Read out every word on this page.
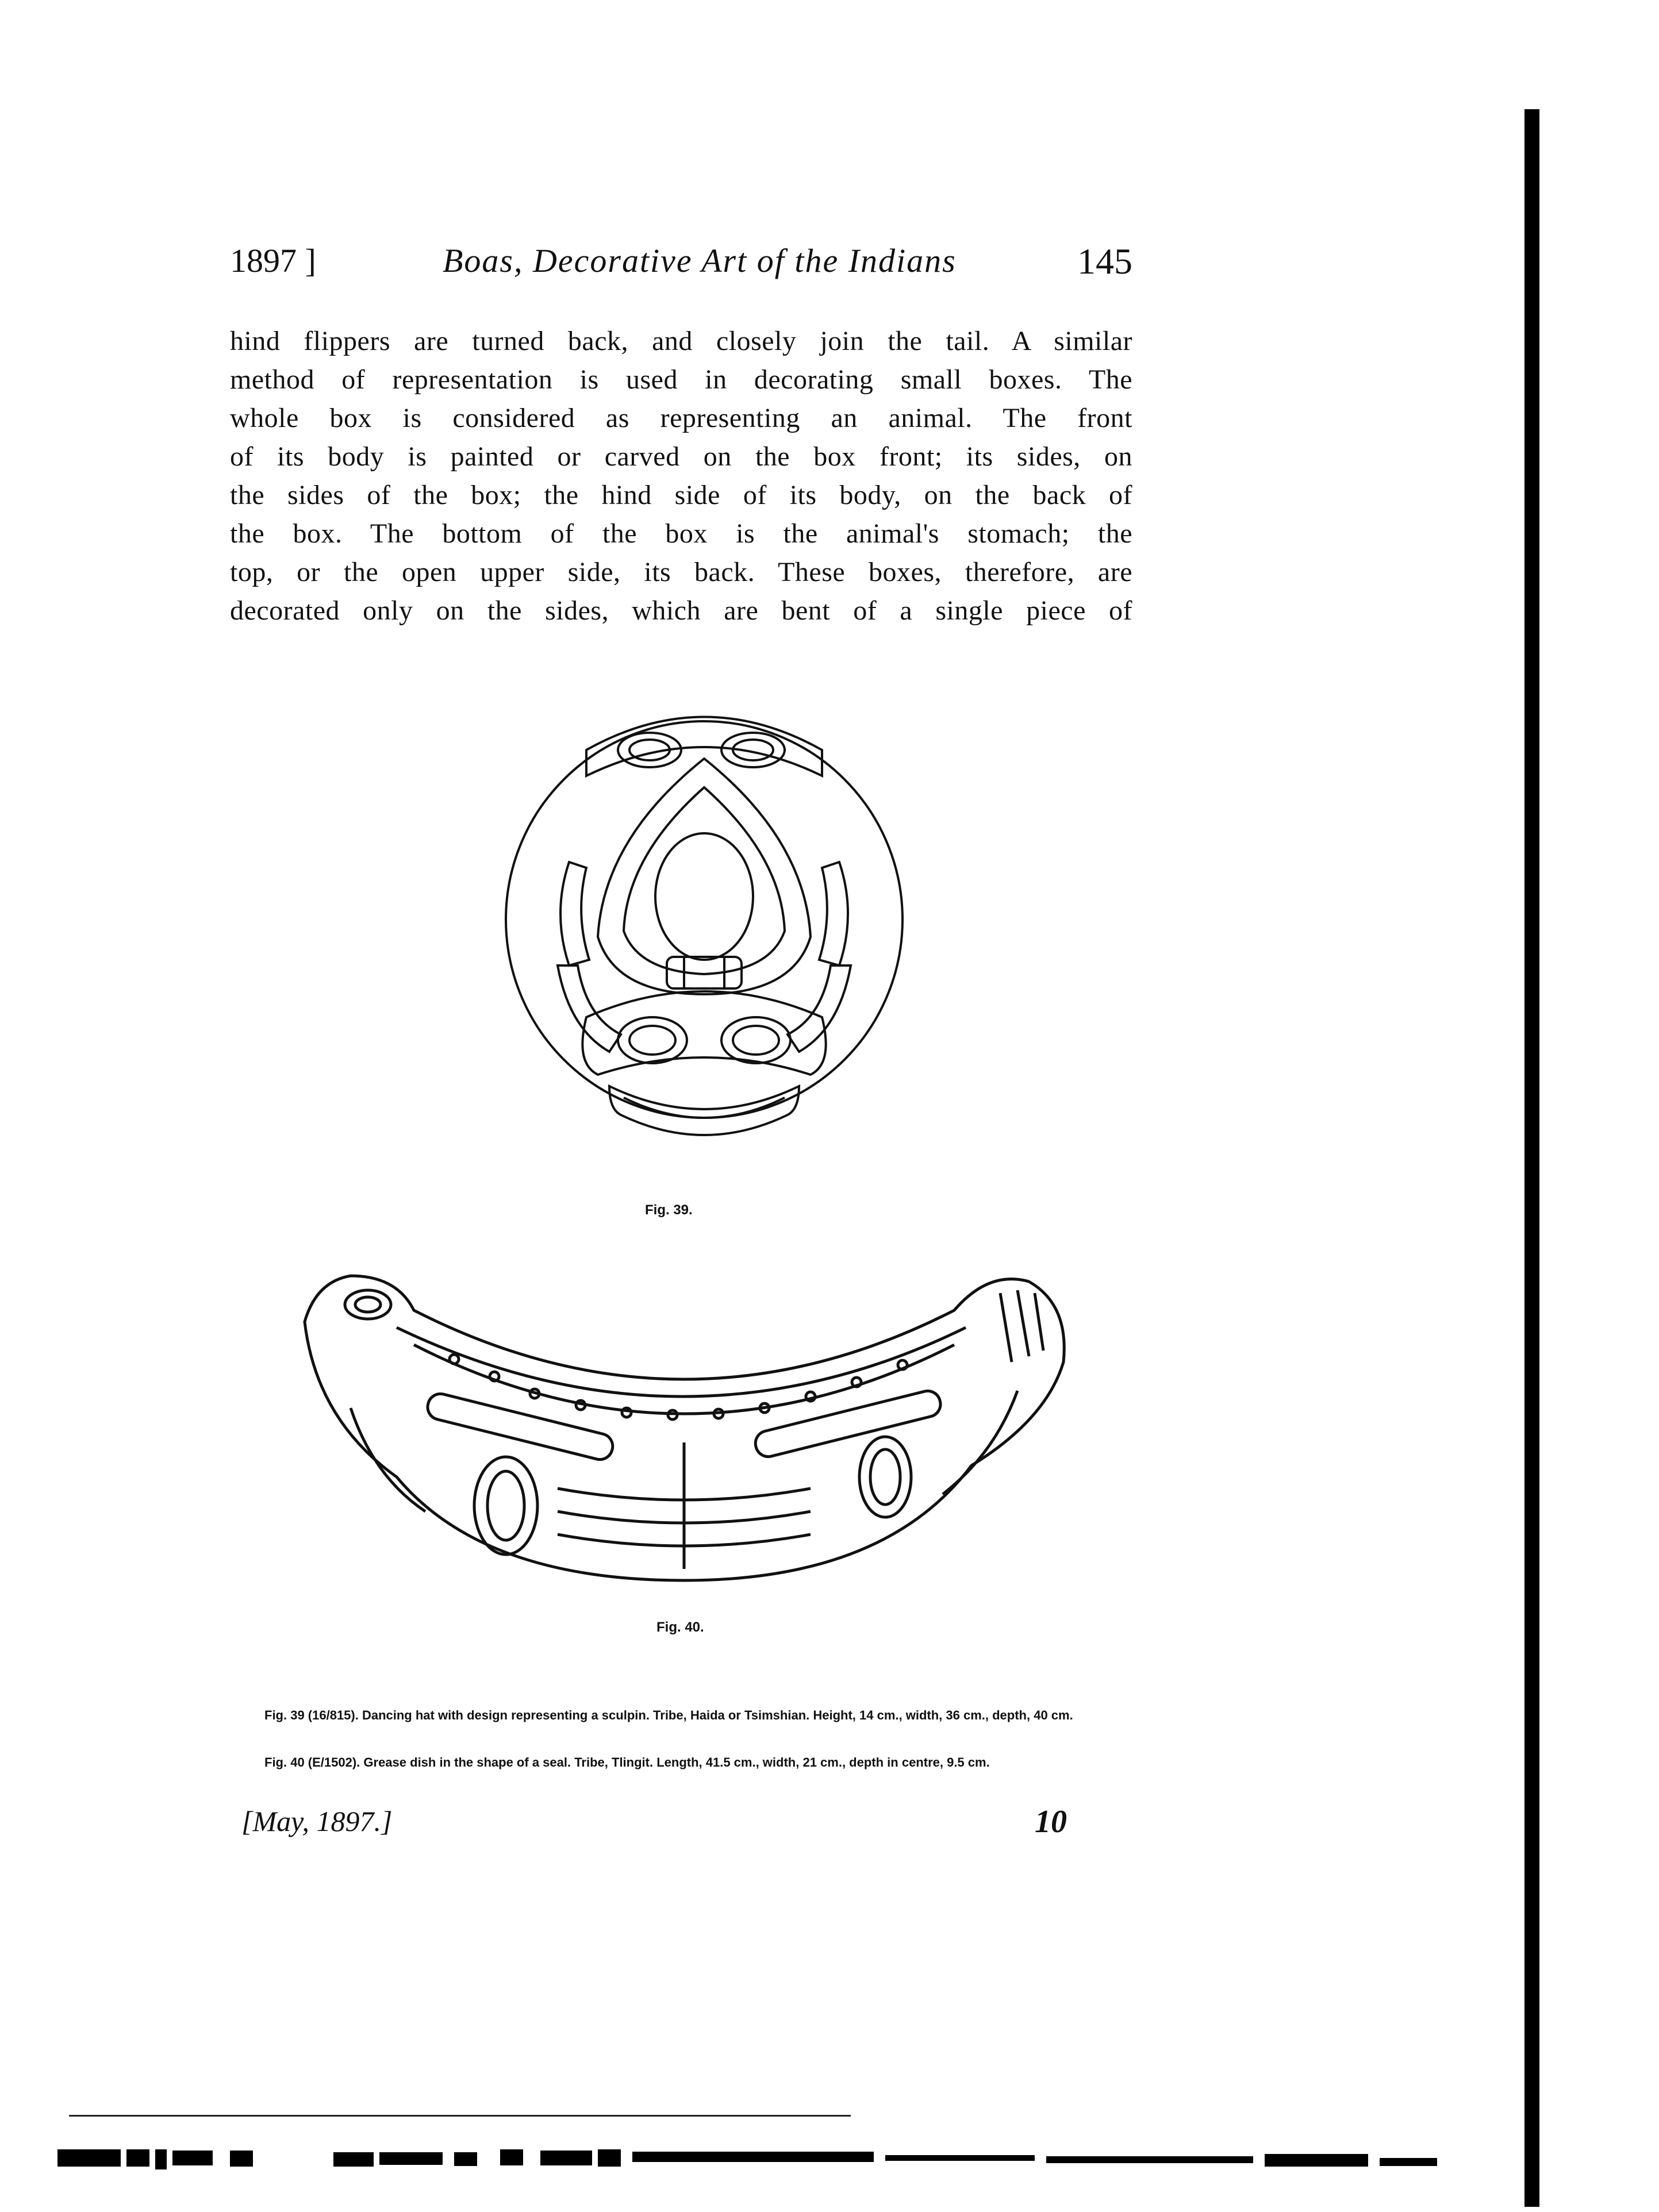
1897 ]	Boas, Decorative Art of the Indians	145
hind flippers are turned back, and closely join the tail. A similar
method of representation is used in decorating small boxes. The
whole box is considered as representing an animal. The front
of its body is painted or carved on the box front; its sides, on
the sides of the box; the hind side of its body, on the back of
the box. The bottom of the box is the animal's stomach; the
top, or the open upper side, its back. These boxes, therefore, are
decorated only on the sides, which are bent of a single piece of
Fig. 39.
Fig. 40.
Fig. 39 (16/815). Dancing hat with design representing a sculpin. Tribe, Haida or Tsimshian. Height, 14 cm., width, 36 cm., depth, 40 cm.
Fig. 40 (E/1502). Grease dish in the shape of a seal. Tribe, Tlingit. Length, 41.5 cm., width, 21 cm., depth in centre, 9.5 cm.
[May, 1897.]	10
